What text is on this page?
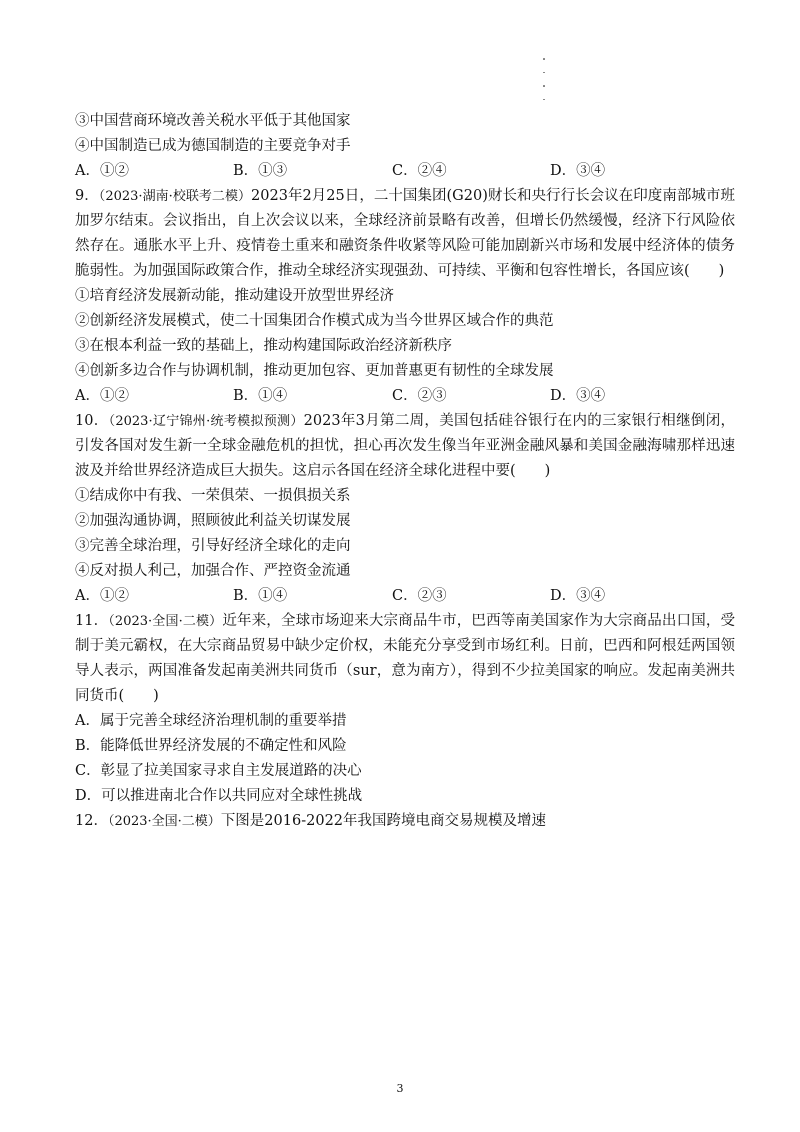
③中国营商环境改善关税水平低于其他国家
④中国制造已成为德国制造的主要竞争对手
A．①②	B．①③	C．②④	D．③④
9．（2023·湖南·校联考二模）2023年2月25日，二十国集团(G20)财长和央行行长会议在印度南部城市班加罗尔结束。会议指出，自上次会议以来，全球经济前景略有改善，但增长仍然缓慢，经济下行风险依然存在。通胀水平上升、疫情卷土重来和融资条件收紧等风险可能加剧新兴市场和发展中经济体的债务脆弱性。为加强国际政策合作，推动全球经济实现强劲、可持续、平衡和包容性增长，各国应该(　　)
①培育经济发展新动能，推动建设开放型世界经济
②创新经济发展模式，使二十国集团合作模式成为当今世界区域合作的典范
③在根本利益一致的基础上，推动构建国际政治经济新秩序
④创新多边合作与协调机制，推动更加包容、更加普惠更有韧性的全球发展
A．①②	B．①④	C．②③	D．③④
10．（2023·辽宁锦州·统考模拟预测）2023年3月第二周，美国包括硅谷银行在内的三家银行相继倒闭，引发各国对发生新一全球金融危机的担忧，担心再次发生像当年亚洲金融风暴和美国金融海啸那样迅速波及并给世界经济造成巨大损失。这启示各国在经济全球化进程中要(　　)
①结成你中有我、一荣俱荣、一损俱损关系
②加强沟通协调，照顾彼此利益关切谋发展
③完善全球治理，引导好经济全球化的走向
④反对损人利己，加强合作、严控资金流通
A．①②	B．①④	C．②③	D．③④
11．（2023·全国·二模）近年来，全球市场迎来大宗商品牛市，巴西等南美国家作为大宗商品出口国，受制于美元霸权，在大宗商品贸易中缺少定价权，未能充分享受到市场红利。日前，巴西和阿根廷两国领导人表示，两国准备发起南美洲共同货币（sur，意为南方），得到不少拉美国家的响应。发起南美洲共同货币(　　)
A．属于完善全球经济治理机制的重要举措
B．能降低世界经济发展的不确定性和风险
C．彰显了拉美国家寻求自主发展道路的决心
D．可以推进南北合作以共同应对全球性挑战
12．（2023·全国·二模）下图是2016-2022年我国跨境电商交易规模及增速
3
